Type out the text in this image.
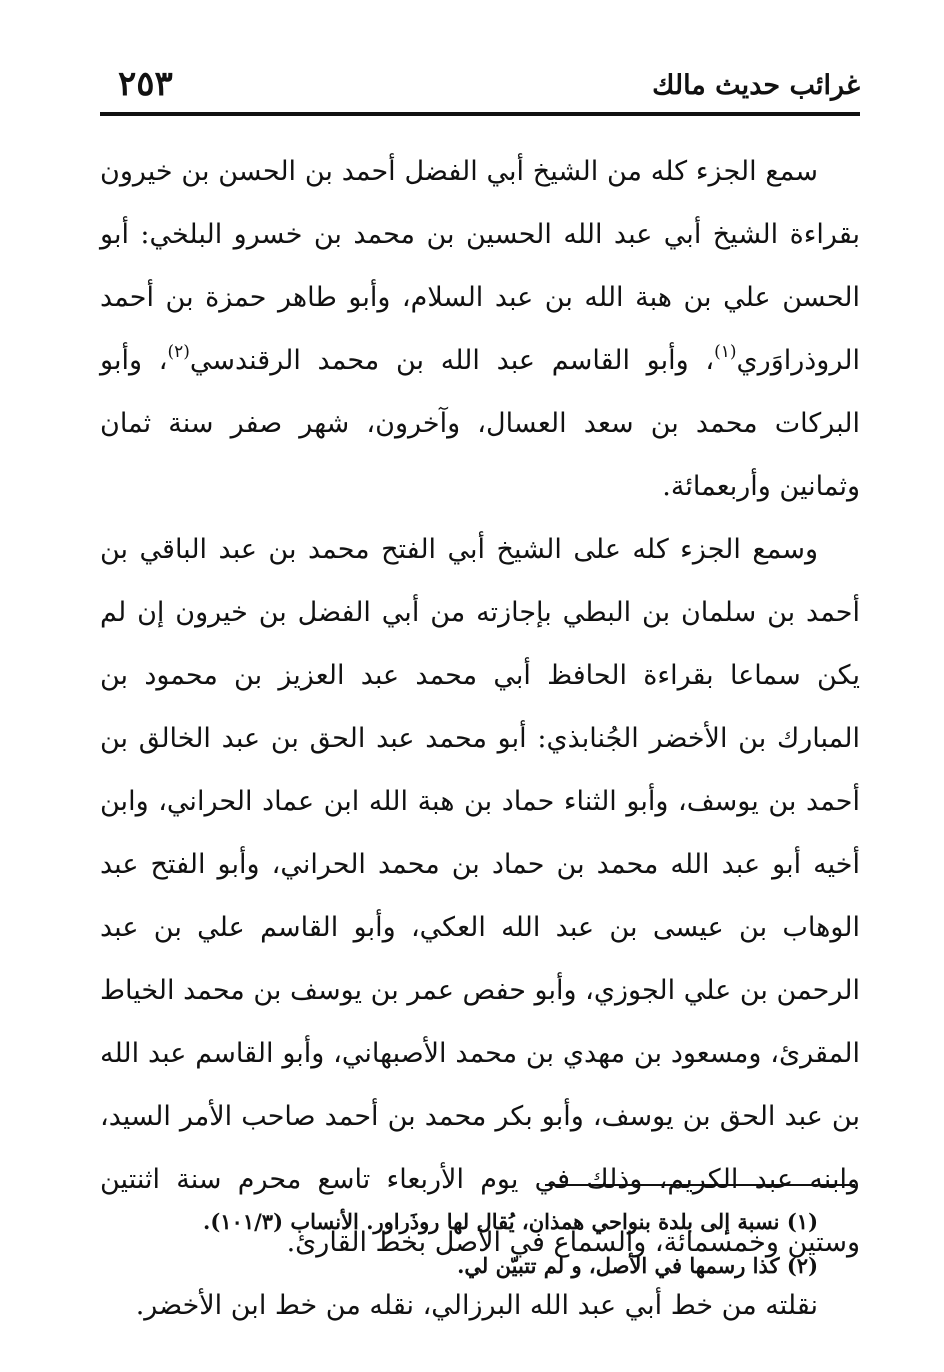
غرائب حديث مالك
٢٥٣

سمع الجزء كله من الشيخ أبي الفضل أحمد بن الحسن بن خيرون بقراءة الشيخ أبي عبد الله الحسين بن محمد بن خسرو البلخي: أبو الحسن علي بن هبة الله بن عبد السلام، وأبو طاهر حمزة بن أحمد الروذراوَري$^{(١)}$، وأبو القاسم عبد الله بن محمد الرقندسي$^{(٢)}$، وأبو البركات محمد بن سعد العسال، وآخرون، شهر صفر سنة ثمان وثمانين وأربعمائة.

وسمع الجزء كله على الشيخ أبي الفتح محمد بن عبد الباقي بن أحمد بن سلمان بن البطي بإجازته من أبي الفضل بن خيرون إن لم يكن سماعا بقراءة الحافظ أبي محمد عبد العزيز بن محمود بن المبارك بن الأخضر الجُنابذي: أبو محمد عبد الحق بن عبد الخالق بن أحمد بن يوسف، وأبو الثناء حماد بن هبة الله ابن عماد الحراني، وابن أخيه أبو عبد الله محمد بن حماد بن محمد الحراني، وأبو الفتح عبد الوهاب بن عيسى بن عبد الله العكي، وأبو القاسم علي بن عبد الرحمن بن علي الجوزي، وأبو حفص عمر بن يوسف بن محمد الخياط المقرئ، ومسعود بن مهدي بن محمد الأصبهاني، وأبو القاسم عبد الله بن عبد الحق بن يوسف، وأبو بكر محمد بن أحمد صاحب الأمر السيد، وابنه عبد الكريم، وذلك في يوم الأربعاء تاسع محرم سنة اثنتين وستين وخمسمائة، والسماع في الأصل بخط القارئ.

نقلته من خط أبي عبد الله البرزالي، نقله من خط ابن الأخضر.

(١) نسبة إلى بلدة بنواحي همذان، يُقال لها روذَراور. الأنساب (١٠١/٣).

(٢) كذا رسمها في الأصل، و لم تتبيّن لي.
